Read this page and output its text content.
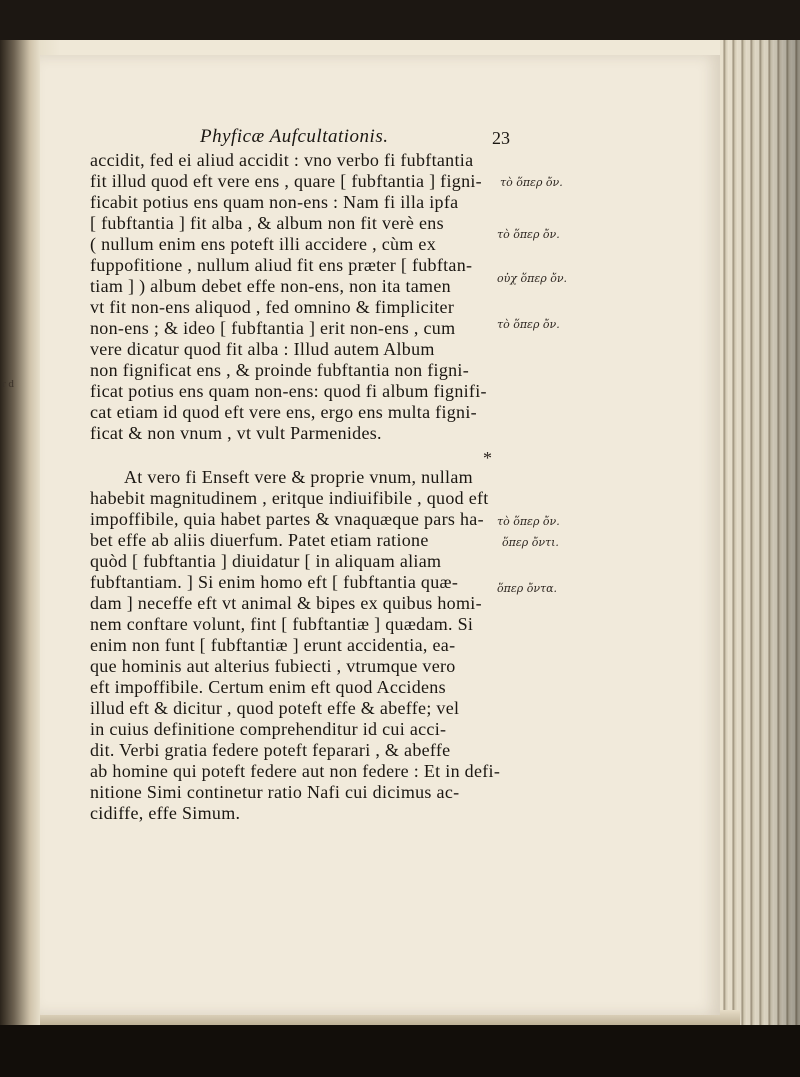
r d
Phyficæ Aufcultationis.	23

accidit, fed ei aliud accidit : vno verbo fi fubftantia

fit illud quod eft vere ens , quare [ fubftantia ] figni-

ficabit potius ens quam non-ens : Nam fi illa ipfa

[ fubftantia ] fit alba , & album non fit verè ens

( nullum enim ens poteft illi accidere , cùm ex

fuppofitione , nullum aliud fit ens præter [ fubftan-

tiam ] ) album debet effe non-ens, non ita tamen

vt fit non-ens aliquod , fed omnino & fimpliciter

non-ens ; & ideo [ fubftantia ] erit non-ens , cum

vere dicatur quod fit alba : Illud autem Album

non fignificat ens , & proinde fubftantia non figni-

ficat potius ens quam non-ens: quod fi album fignifi-

cat etiam id quod eft vere ens, ergo ens multa figni-

ficat & non vnum , vt vult Parmenides.

At vero fi Enseft vere & proprie vnum, nullam

habebit magnitudinem , eritque indiuifibile , quod eft

impoffibile, quia habet partes & vnaquæque pars ha-

bet effe ab aliis diuerfum. Patet etiam ratione

quòd [ fubftantia ] diuidatur [ in aliquam aliam

fubftantiam. ] Si enim homo eft [ fubftantia quæ-

dam ] neceffe eft vt animal & bipes ex quibus homi-

nem conftare volunt, fint [ fubftantiæ ] quædam. Si

enim non funt [ fubftantiæ ] erunt accidentia, ea-

que hominis aut alterius fubiecti , vtrumque vero

eft impoffibile. Certum enim eft quod Accidens

illud eft & dicitur , quod poteft effe & abeffe; vel

in cuius definitione comprehenditur id cui acci-

dit. Verbi gratia federe poteft feparari , & abeffe

ab homine qui poteft federe aut non federe : Et in defi-

nitione Simi continetur ratio Nafi cui dicimus ac-

cidiffe, effe Simum.

τὸ ὅπερ ὄν.
τὸ ὅπερ ὄν.
οὐχ ὅπερ ὄν.
τὸ ὅπερ ὄν.
τὸ ὅπερ ὄν.
ὅπερ ὄντι.
ὅπερ ὄντα.
*
